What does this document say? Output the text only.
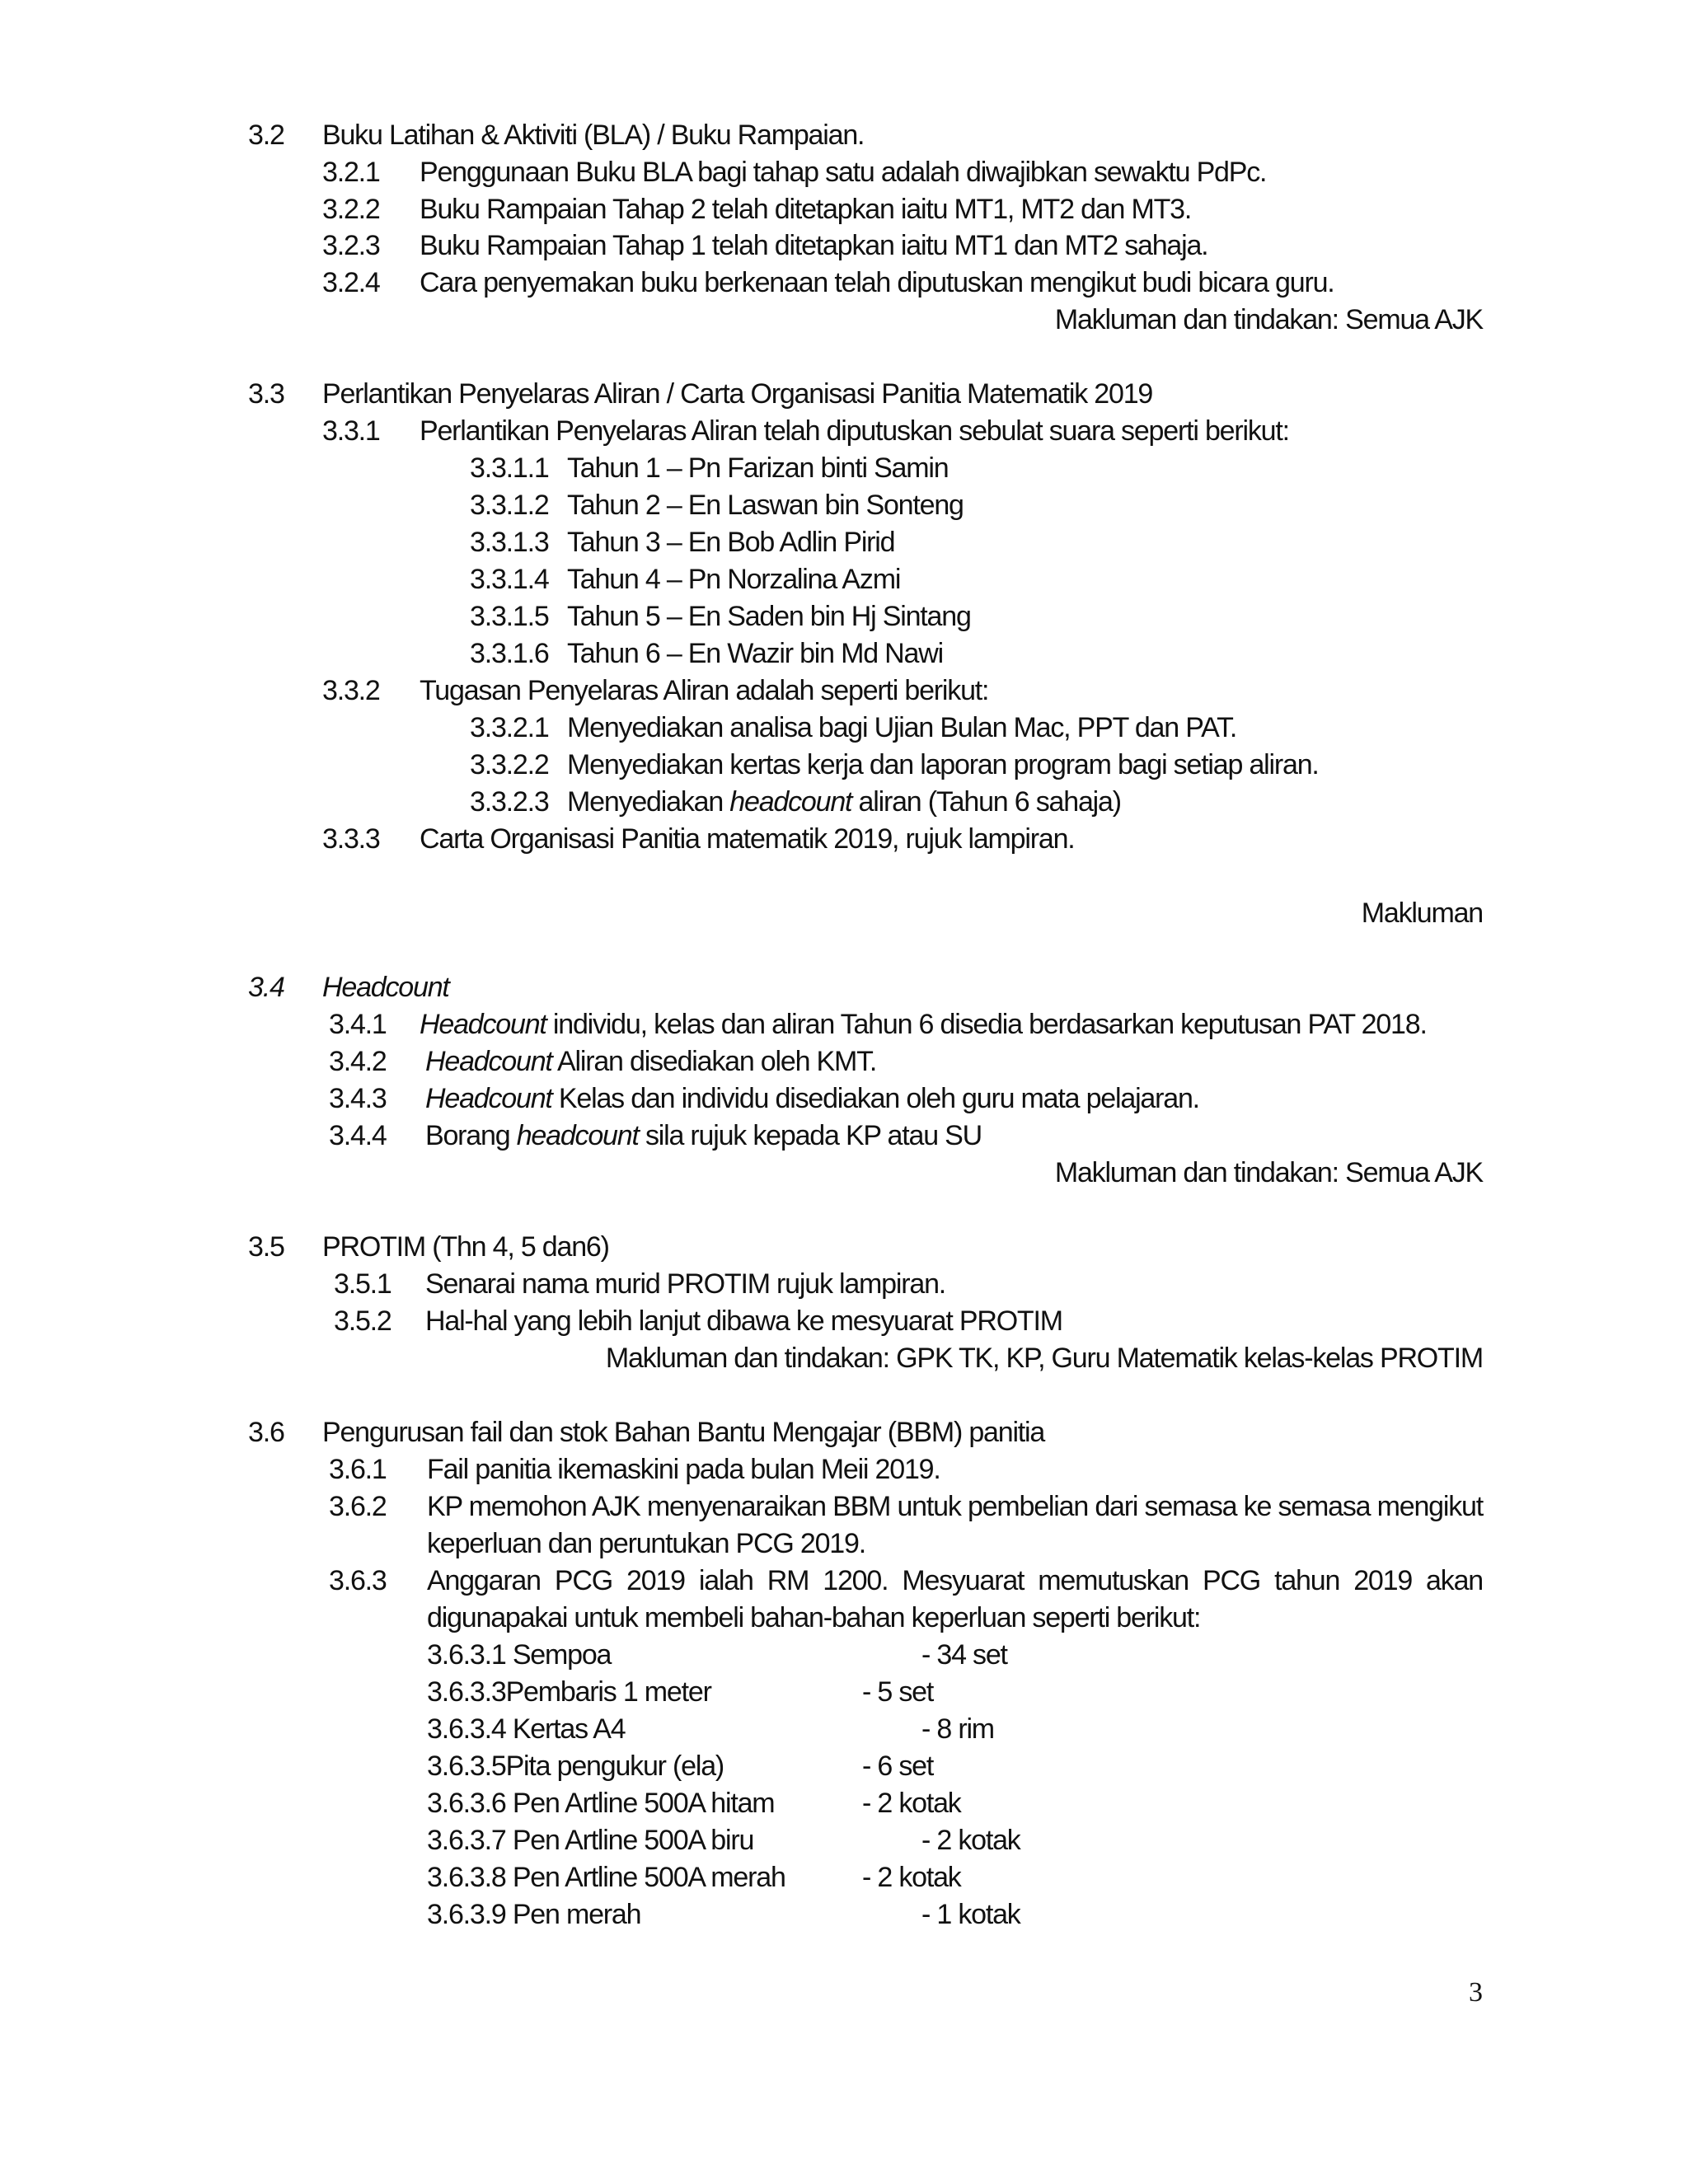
3.2 Buku Latihan & Aktiviti (BLA) / Buku Rampaian.
3.2.1 Penggunaan Buku BLA bagi tahap satu adalah diwajibkan sewaktu PdPc.
3.2.2 Buku Rampaian Tahap 2 telah ditetapkan iaitu MT1, MT2 dan MT3.
3.2.3 Buku Rampaian Tahap 1 telah ditetapkan iaitu MT1 dan MT2 sahaja.
3.2.4 Cara penyemakan buku berkenaan telah diputuskan mengikut budi bicara guru.
Makluman dan tindakan: Semua AJK
3.3 Perlantikan Penyelaras Aliran / Carta Organisasi Panitia Matematik 2019
3.3.1 Perlantikan Penyelaras Aliran telah diputuskan sebulat suara seperti berikut:
3.3.1.1 Tahun 1 – Pn Farizan binti Samin
3.3.1.2 Tahun 2 – En Laswan bin Sonteng
3.3.1.3 Tahun 3 – En Bob Adlin Pirid
3.3.1.4 Tahun 4 – Pn Norzalina Azmi
3.3.1.5 Tahun 5 – En Saden bin Hj Sintang
3.3.1.6 Tahun 6 – En Wazir bin Md Nawi
3.3.2 Tugasan Penyelaras Aliran adalah seperti berikut:
3.3.2.1 Menyediakan analisa bagi Ujian Bulan Mac, PPT dan PAT.
3.3.2.2 Menyediakan kertas kerja dan laporan program bagi setiap aliran.
3.3.2.3 Menyediakan headcount aliran (Tahun 6 sahaja)
3.3.3 Carta Organisasi Panitia matematik 2019, rujuk lampiran.
Makluman
3.4 Headcount
3.4.1 Headcount individu, kelas dan aliran Tahun 6 disedia berdasarkan keputusan PAT 2018.
3.4.2 Headcount Aliran disediakan oleh KMT.
3.4.3 Headcount Kelas dan individu disediakan oleh guru mata pelajaran.
3.4.4 Borang headcount sila rujuk kepada KP atau SU
Makluman dan tindakan: Semua AJK
3.5 PROTIM (Thn 4, 5 dan6)
3.5.1 Senarai nama murid PROTIM rujuk lampiran.
3.5.2 Hal-hal yang lebih lanjut dibawa ke mesyuarat PROTIM
Makluman dan tindakan: GPK TK, KP, Guru Matematik kelas-kelas PROTIM
3.6 Pengurusan fail dan stok Bahan Bantu Mengajar (BBM) panitia
3.6.1 Fail panitia ikemaskini pada bulan Meii 2019.
3.6.2 KP memohon AJK menyenaraikan BBM untuk pembelian dari semasa ke semasa mengikut
keperluan dan peruntukan PCG 2019.
3.6.3 Anggaran PCG 2019 ialah RM 1200. Mesyuarat memutuskan PCG tahun 2019 akan
digunapakai untuk membeli bahan-bahan keperluan seperti berikut:
3.6.3.1 Sempoa	- 34 set
3.6.3.3Pembaris 1 meter	- 5 set
3.6.3.4 Kertas A4	- 8 rim
3.6.3.5Pita pengukur (ela)	- 6 set
3.6.3.6 Pen Artline 500A hitam	- 2 kotak
3.6.3.7 Pen Artline 500A biru	- 2 kotak
3.6.3.8 Pen Artline 500A merah	- 2 kotak
3.6.3.9 Pen merah	- 1 kotak
3
